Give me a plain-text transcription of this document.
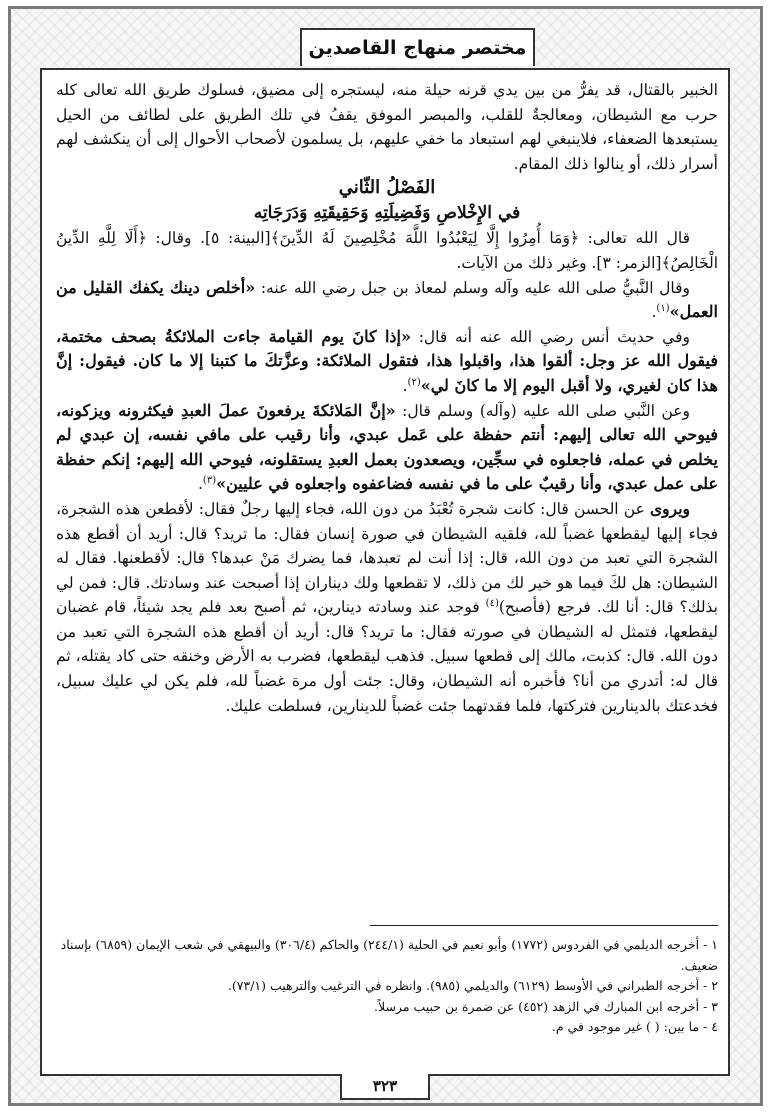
مختصر منهاج القاصدين

الخبير بالقتال، قد يفرُّ من بين يدي قرنه حيلة منه، ليستجره إلى مضيق، فسلوك طريق الله تعالى كله حرب مع الشيطان، ومعالجةٌ للقلب، والمبصر الموفق يقفُ في تلك الطريق على لطائف من الحيل يستبعدها الضعفاء، فلاينبغي لهم استبعاد ما خفي عليهم، بل يسلمون لأصحاب الأحوال إلى أن ينكشف لهم أسرار ذلك، أو ينالوا ذلك المقام.

الفَصْلُ الثّاني

في الإِخْلاصِ وَفَضِيلَتِهِ وَحَقِيقَتِهِ وَدَرَجَاتِه

قال الله تعالى: ﴿وَمَا أُمِرُوا إِلَّا لِيَعْبُدُوا اللَّهَ مُخْلِصِينَ لَهُ الدِّينَ﴾[البينة: ٥]. وقال: ﴿أَلَا لِلَّهِ الدِّينُ الْخَالِصُ﴾[الزمر: ٣]. وغير ذلك من الآيات.

وقال النَّبيُّ صلى الله عليه وآله وسلم لمعاذ بن جبل رضي الله عنه: «أخلص دينك يكفك القليل من العمل»$^{(١)}$.

وفي حديث أنس رضي الله عنه أنه قال: «إذا كانَ يوم القيامة جاءت الملائكةُ بصحف مختمة، فيقول الله عز وجل: ألقوا هذا، واقبلوا هذا، فتقول الملائكة: وعزَّتكَ ما كتبنا إلا ما كان. فيقول: إنَّ هذا كان لغيري، ولا أقبل اليوم إلا ما كانَ لي»$^{(٢)}$.

وعن النَّبي صلى الله عليه (وآله) وسلم قال: «إنَّ المَلائكةَ يرفعونَ عملَ العبدِ فيكثرونه ويزكونه، فيوحي الله تعالى إليهم: أنتم حفظة على عَمل عبدي، وأنا رقيب على مافي نفسه، إن عبدي لم يخلص في عمله، فاجعلوه في سجِّين، ويصعدون بعمل العبدِ يستقلونه، فيوحي الله إليهم: إنكم حفظة على عمل عبدي، وأنا رقيبٌ على ما في نفسه فضاعفوه واجعلوه في عليين»$^{(٣)}$.

ويروى عن الحسن قال: كانت شجرة تُعْبَدُ من دون الله، فجاء إليها رجلٌ فقال: لأقطعن هذه الشجرة، فجاء إليها ليقطعها غضباً لله، فلقيه الشيطان في صورة إنسان فقال: ما تريد؟ قال: أريد أن أقطع هذه الشجرة التي تعبد من دون الله، قال: إذا أنت لم تعبدها، فما يضرك مَنْ عبدها؟ قال: لأقطعنها. فقال له الشيطان: هل لكَ فيما هو خير لك من ذلك، لا تقطعها ولك ديناران إذا أصبحت عند وسادتك. قال: فمن لي بذلك؟ قال: أنا لك. فرجع (فأصبح)$^{(٤)}$ فوجد عند وسادته دينارين، ثم أصبح بعد فلم يجد شيئاً، قام غضبان ليقطعها، فتمثل له الشيطان في صورته فقال: ما تريد؟ قال: أريد أن أقطع هذه الشجرة التي تعبد من دون الله. قال: كذبت، مالك إلى قطعها سبيل. فذهب ليقطعها، فضرب به الأرض وخنقه حتى كاد يقتله، ثم قال له: أتدري من أنا؟ فأخبره أنه الشيطان، وقال: جئت أول مرة غضباً لله، فلم يكن لي عليك سبيل، فخدعتك بالدينارين فتركتها، فلما فقدتهما جئت غضباً للدينارين، فسلطت عليك.

١ - أخرجه الديلمي في الفردوس (١٧٧٢) وأبو نعيم في الحلية (٢٤٤/١) والحاكم (٣٠٦/٤) والبيهقي في شعب الإيمان (٦٨٥٩) بإسناد ضعيف.

٢ - أخرجه الطبراني في الأوسط (٦١٢٩) والديلمي (٩٨٥). وانظره في الترغيب والترهيب (٧٣/١).

٣ - أخرجه ابن المبارك في الزهد (٤٥٢) عن ضمرة بن حبيب مرسلاً.

٤ - ما بين: ( ) غير موجود في م.

٣٢٣
